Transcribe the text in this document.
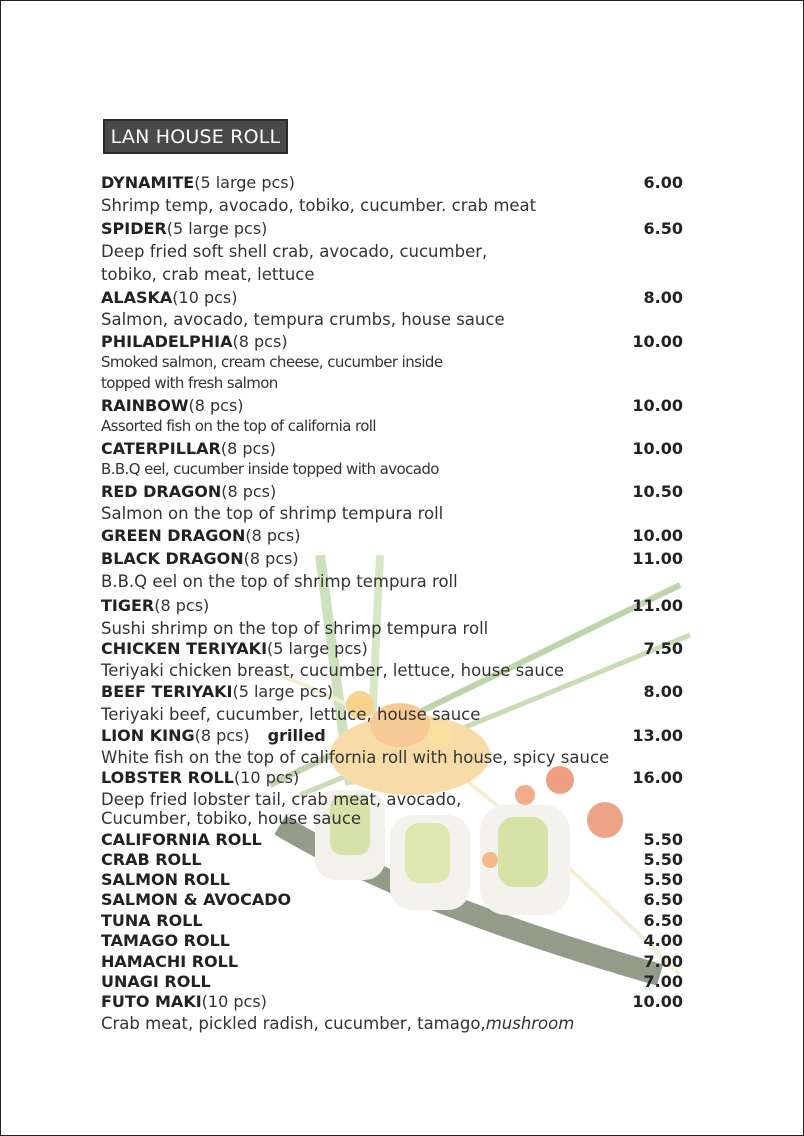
LAN HOUSE ROLL
DYNAMITE(5 large pcs)	6.00
Shrimp temp, avocado, tobiko, cucumber. crab meat
SPIDER(5 large pcs)	6.50
Deep fried soft shell crab, avocado, cucumber,
tobiko, crab meat, lettuce
ALASKA(10 pcs)	8.00
Salmon, avocado, tempura crumbs, house sauce
PHILADELPHIA(8 pcs)	10.00
Smoked salmon, cream cheese, cucumber inside
topped with fresh salmon
RAINBOW(8 pcs)	10.00
Assorted fish on the top of california roll
CATERPILLAR(8 pcs)	10.00
B.B.Q eel, cucumber inside topped with avocado
RED DRAGON(8 pcs)	10.50
Salmon on the top of shrimp tempura roll
GREEN DRAGON(8 pcs)	10.00
BLACK DRAGON(8 pcs)	11.00
B.B.Q eel on the top of shrimp tempura roll
TIGER(8 pcs)	11.00
Sushi shrimp on the top of shrimp tempura roll
CHICKEN TERIYAKI(5 large pcs)	7.50
Teriyaki chicken breast, cucumber, lettuce, house sauce
BEEF TERIYAKI(5 large pcs)	8.00
Teriyaki beef, cucumber, lettuce, house sauce
LION KING(8 pcs) grilled	13.00
White fish on the top of california roll with house, spicy sauce
LOBSTER ROLL(10 pcs)	16.00
Deep fried lobster tail, crab meat, avocado,
Cucumber, tobiko, house sauce
CALIFORNIA ROLL	5.50
CRAB ROLL	5.50
SALMON ROLL	5.50
SALMON & AVOCADO	6.50
TUNA ROLL	6.50
TAMAGO ROLL	4.00
HAMACHI ROLL	7.00
UNAGI ROLL	7.00
FUTO MAKI(10 pcs)	10.00
Crab meat, pickled radish, cucumber, tamago,mushroom
